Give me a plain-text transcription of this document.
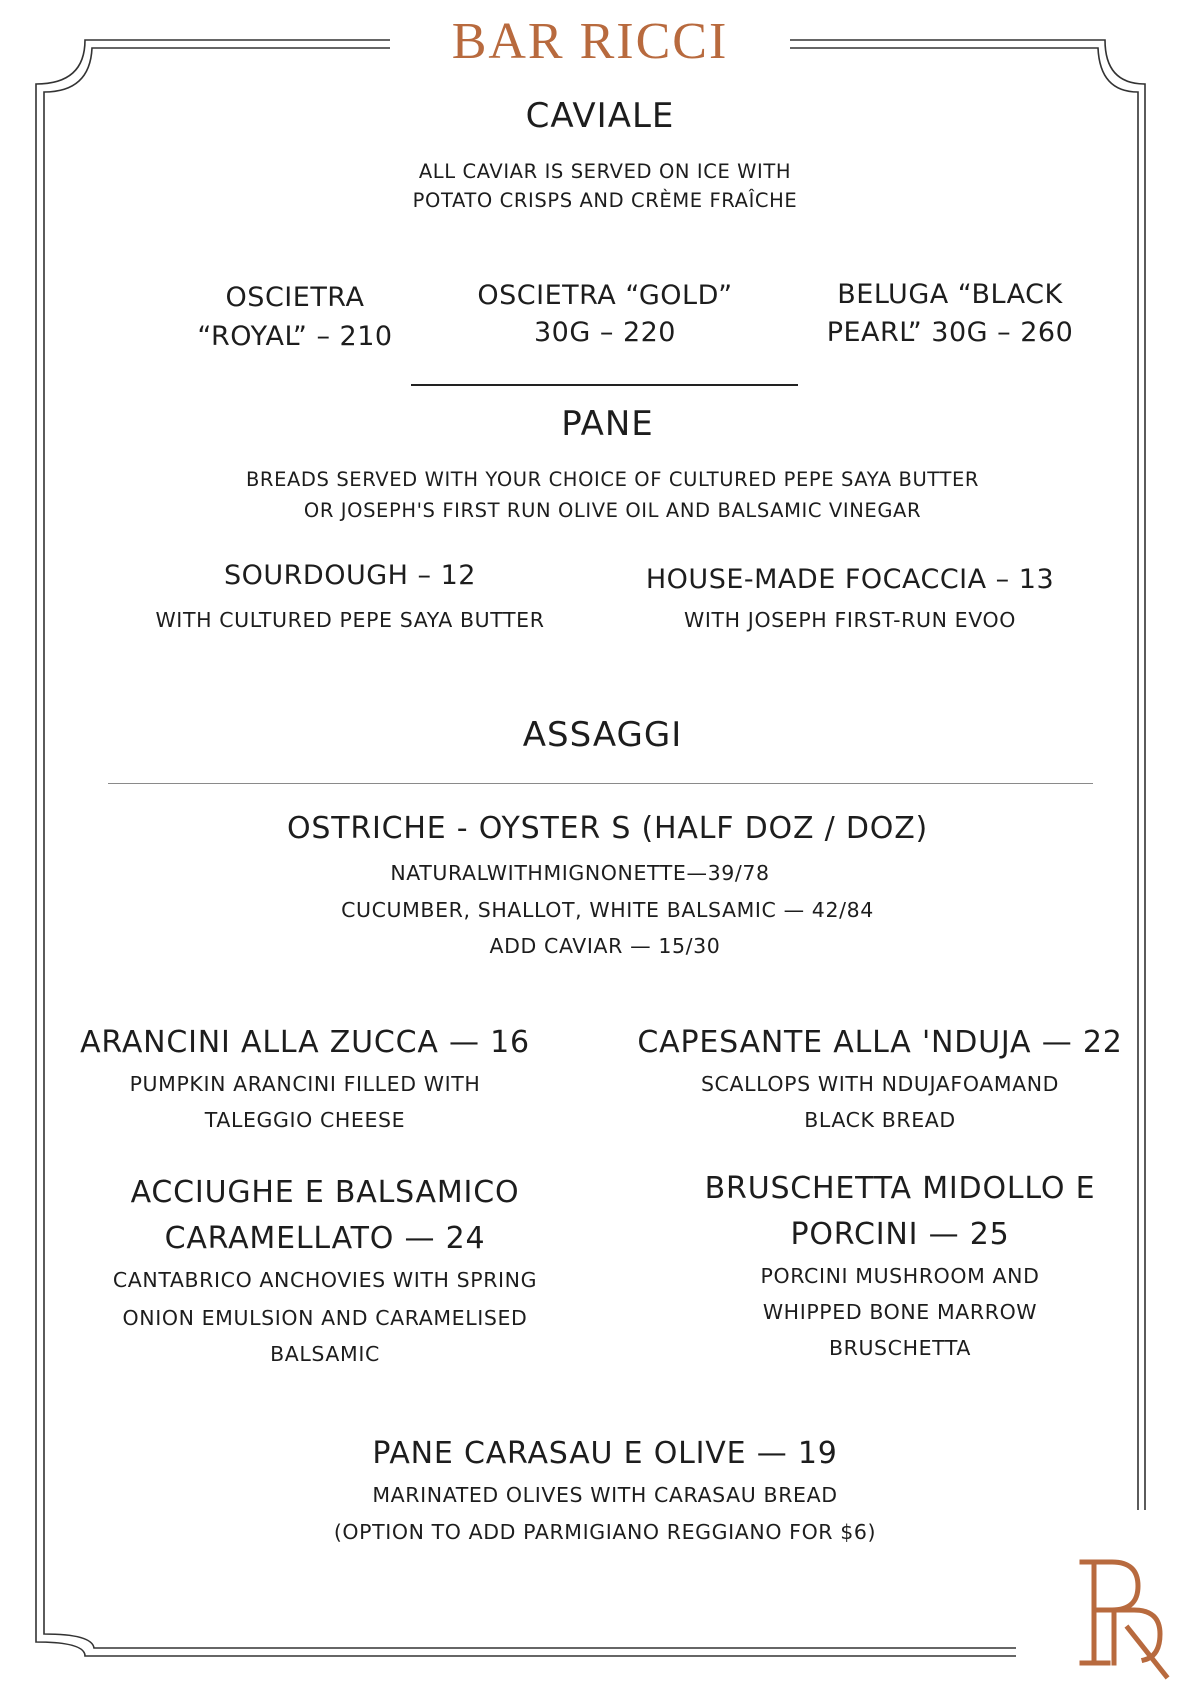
BAR RICCI
CAVIALE
ALL CAVIAR IS SERVED ON ICE WITH
POTATO CRISPS AND CRÈME FRAÎCHE
OSCIETRA
“ROYAL” – 210
OSCIETRA “GOLD”
30G – 220
BELUGA “BLACK
PEARL” 30G – 260
PANE
BREADS SERVED WITH YOUR CHOICE OF CULTURED PEPE SAYA BUTTER
OR JOSEPH'S FIRST RUN OLIVE OIL AND BALSAMIC VINEGAR
SOURDOUGH – 12
WITH CULTURED PEPE SAYA BUTTER
HOUSE-MADE FOCACCIA – 13
WITH JOSEPH FIRST-RUN EVOO
ASSAGGI
OSTRICHE - OYSTER S (HALF DOZ / DOZ)
NATURALWITHMIGNONETTE—39/78
CUCUMBER, SHALLOT, WHITE BALSAMIC — 42/84
ADD CAVIAR — 15/30
ARANCINI ALLA ZUCCA — 16
PUMPKIN ARANCINI FILLED WITH
TALEGGIO CHEESE
CAPESANTE ALLA 'NDUJA — 22
SCALLOPS WITH NDUJAFOAMAND
BLACK BREAD
ACCIUGHE E BALSAMICO
CARAMELLATO — 24
CANTABRICO ANCHOVIES WITH SPRING
ONION EMULSION AND CARAMELISED
BALSAMIC
BRUSCHETTA MIDOLLO E
PORCINI — 25
PORCINI MUSHROOM AND
WHIPPED BONE MARROW
BRUSCHETTA
PANE CARASAU E OLIVE — 19
MARINATED OLIVES WITH CARASAU BREAD
(OPTION TO ADD PARMIGIANO REGGIANO FOR $6)
